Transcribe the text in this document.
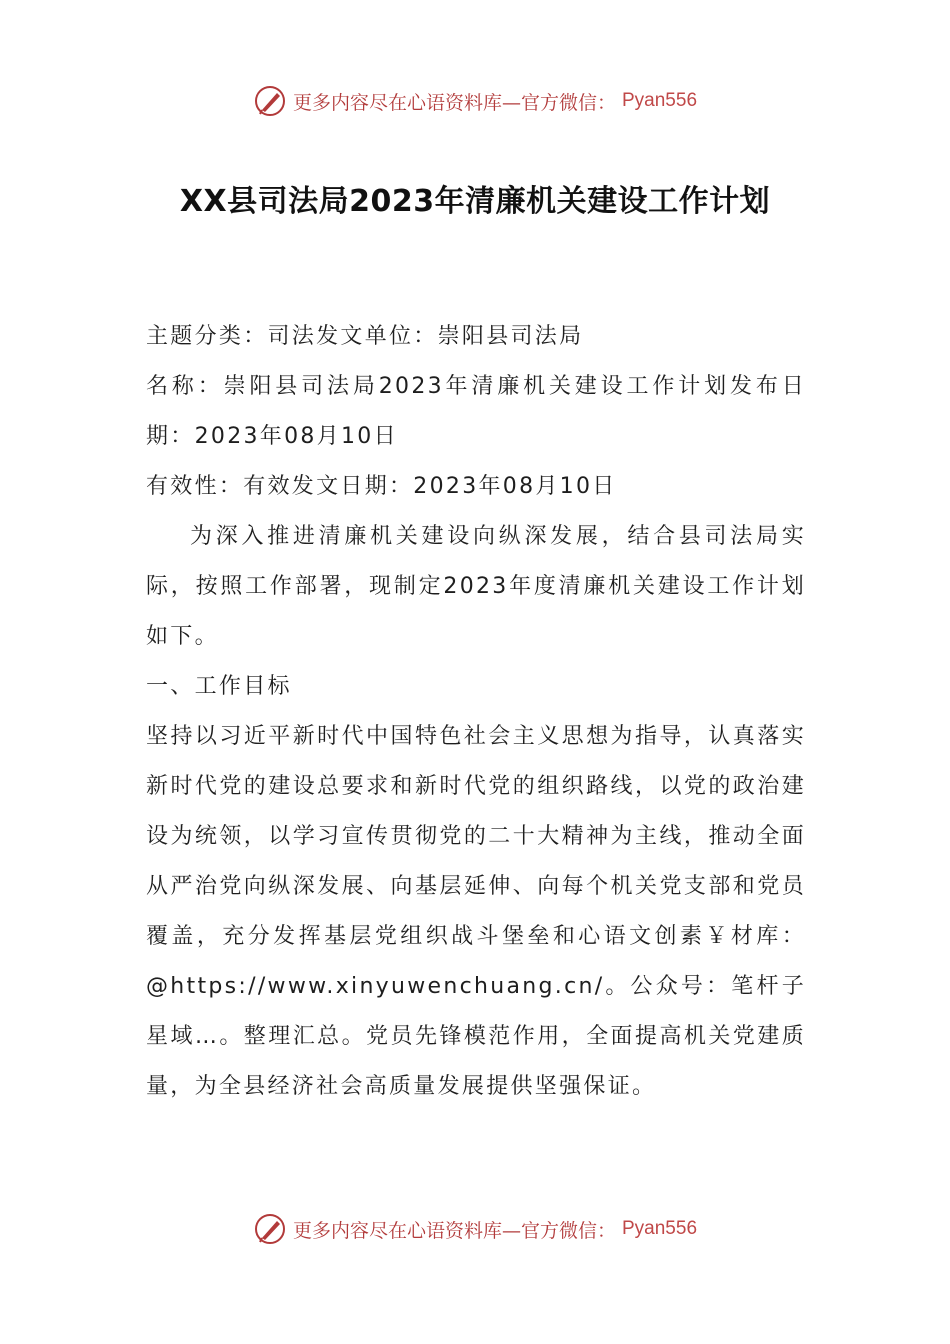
更多内容尽在心语资料库—官方微信： Pyan556
XX县司法局2023年清廉机关建设工作计划

主题分类：司法发文单位：崇阳县司法局

名称：崇阳县司法局2023年清廉机关建设工作计划发布日期：2023年08月10日

有效性：有效发文日期：2023年08月10日

为深入推进清廉机关建设向纵深发展，结合县司法局实际，按照工作部署，现制定2023年度清廉机关建设工作计划如下。

一、工作目标

坚持以习近平新时代中国特色社会主义思想为指导，认真落实新时代党的建设总要求和新时代党的组织路线，以党的政治建设为统领，以学习宣传贯彻党的二十大精神为主线，推动全面从严治党向纵深发展、向基层延伸、向每个机关党支部和党员覆盖，充分发挥基层党组织战斗堡垒和心语文创素￥材库：@https://www.xinyuwenchuang.cn/。公众号：笔杆子星域…。整理汇总。党员先锋模范作用，全面提高机关党建质量，为全县经济社会高质量发展提供坚强保证。

更多内容尽在心语资料库—官方微信： Pyan556
